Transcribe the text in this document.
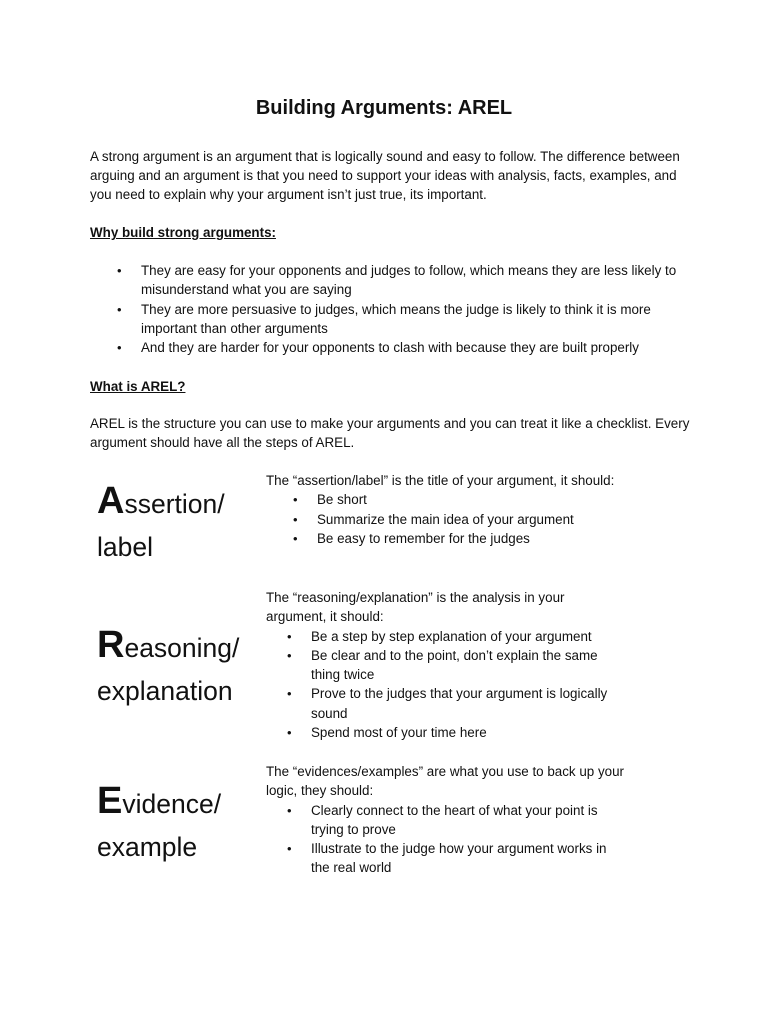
Building Arguments: AREL

A strong argument is an argument that is logically sound and easy to follow. The difference between arguing and an argument is that you need to support your ideas with analysis, facts, examples, and you need to explain why your argument isn’t just true, its important.

Why build strong arguments:

• They are easy for your opponents and judges to follow, which means they are less likely to misunderstand what you are saying
• They are more persuasive to judges, which means the judge is likely to think it is more important than other arguments
• And they are harder for your opponents to clash with because they are built properly

What is AREL?

AREL is the structure you can use to make your arguments and you can treat it like a checklist. Every argument should have all the steps of AREL.

Assertion/
label
The “assertion/label” is the title of your argument, it should:
• Be short
• Summarize the main idea of your argument
• Be easy to remember for the judges
Reasoning/
explanation
The “reasoning/explanation” is the analysis in your argument, it should:
• Be a step by step explanation of your argument
• Be clear and to the point, don’t explain the same thing twice
• Prove to the judges that your argument is logically sound
• Spend most of your time here
Evidence/
example
The “evidences/examples” are what you use to back up your logic, they should:
• Clearly connect to the heart of what your point is trying to prove
• Illustrate to the judge how your argument works in the real world
